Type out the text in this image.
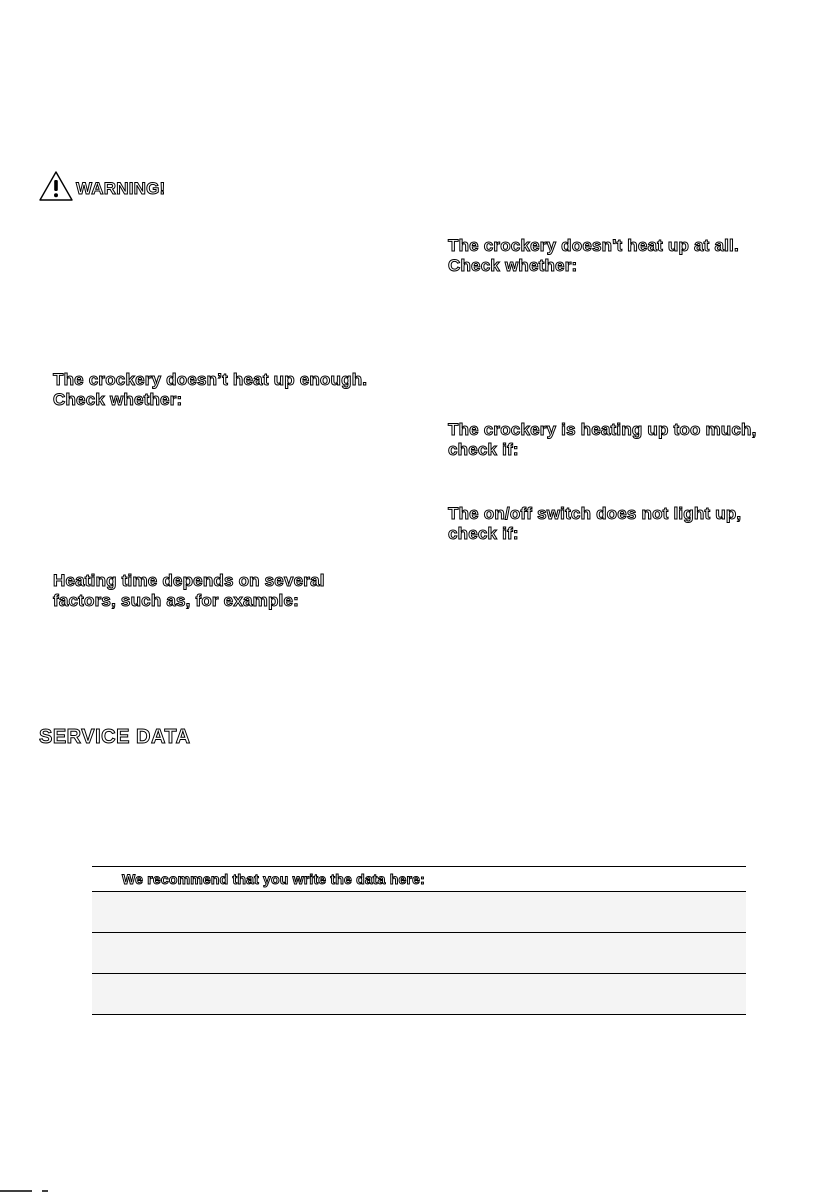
WARNING!
The crockery doesn't heat up at all.
Check whether:
The crockery doesn’t heat up enough.
Check whether:
The crockery is heating up too much,
check if:
The on/off switch does not light up,
check if:
Heating time depends on several
factors, such as, for example:
SERVICE DATA
We recommend that you write the data here:
